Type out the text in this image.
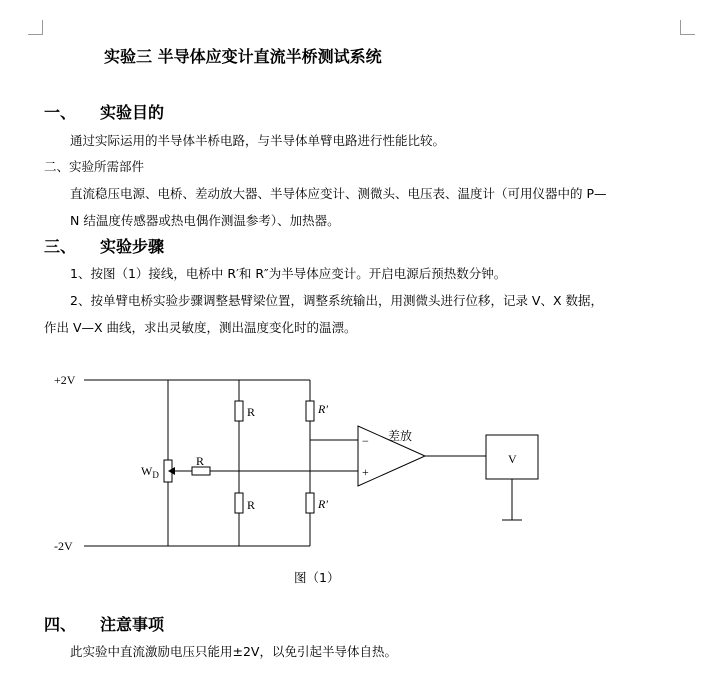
实验三 半导体应变计直流半桥测试系统
一、 实验目的
通过实际运用的半导体半桥电路，与半导体单臂电路进行性能比较。
二、实验所需部件
直流稳压电源、电桥、差动放大器、半导体应变计、测微头、电压表、温度计（可用仪器中的 P—
N 结温度传感器或热电偶作测温参考）、加热器。
三、 实验步骤
1、按图（1）接线，电桥中 R′和 R″为半导体应变计。开启电源后预热数分钟。
2、按单臂电桥实验步骤调整悬臂梁位置，调整系统输出，用测微头进行位移，记录 V、X 数据，
作出 V—X 曲线，求出灵敏度，测出温度变化时的温漂。
+2V
-2V
$W_D$
R
R
R
R′
R′
差放
−
+
V
图（1）
四、 注意事项
此实验中直流激励电压只能用±2V，以免引起半导体自热。
